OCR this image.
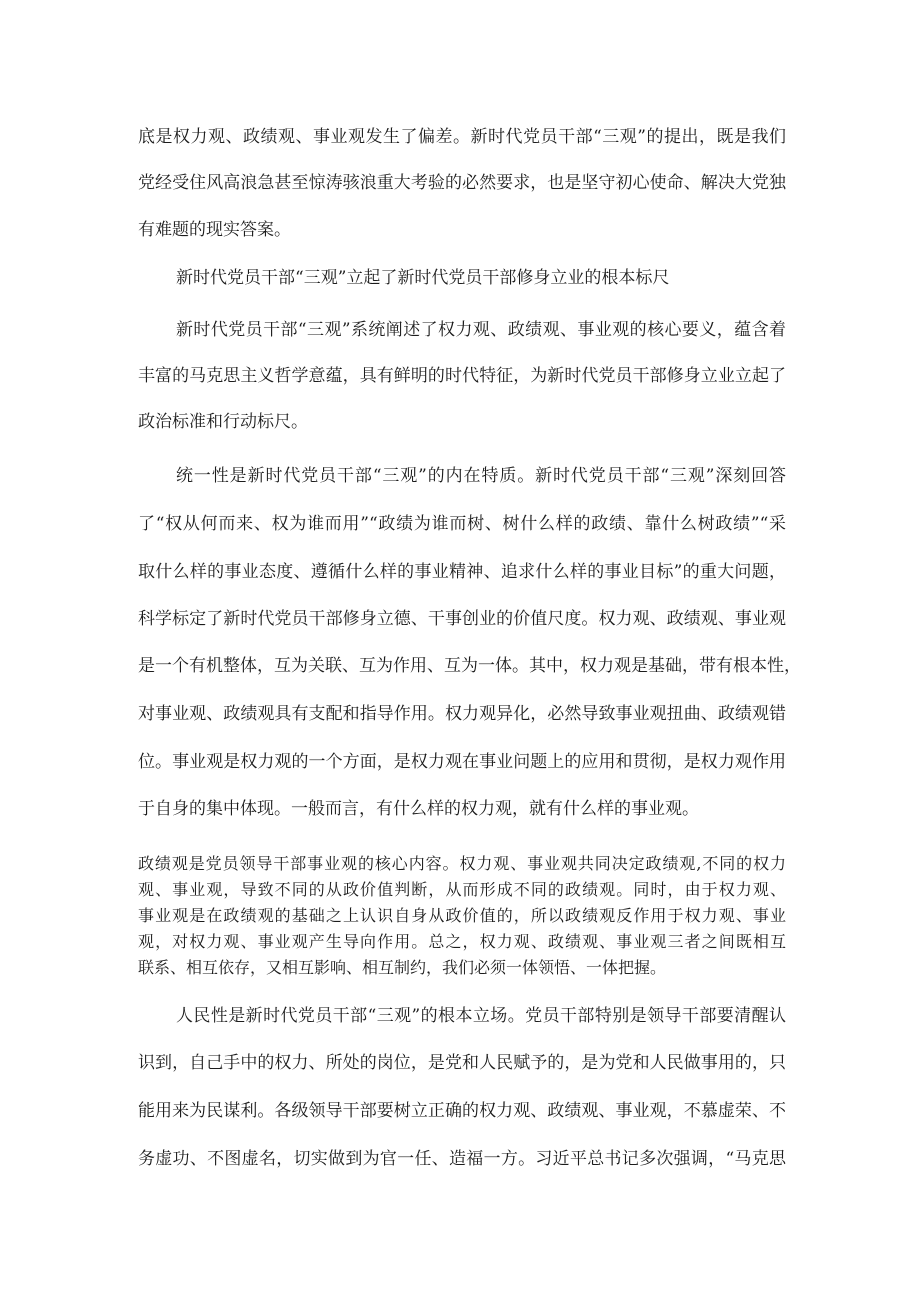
底是权力观、政绩观、事业观发生了偏差。新时代党员干部“三观”的提出，既是我们
党经受住风高浪急甚至惊涛骇浪重大考验的必然要求，也是坚守初心使命、解决大党独
有难题的现实答案。
新时代党员干部“三观”立起了新时代党员干部修身立业的根本标尺
新时代党员干部“三观”系统阐述了权力观、政绩观、事业观的核心要义，蕴含着
丰富的马克思主义哲学意蕴，具有鲜明的时代特征，为新时代党员干部修身立业立起了
政治标准和行动标尺。
统一性是新时代党员干部“三观”的内在特质。新时代党员干部“三观”深刻回答
了“权从何而来、权为谁而用”“政绩为谁而树、树什么样的政绩、靠什么树政绩”“采
取什么样的事业态度、遵循什么样的事业精神、追求什么样的事业目标”的重大问题，
科学标定了新时代党员干部修身立德、干事创业的价值尺度。权力观、政绩观、事业观
是一个有机整体，互为关联、互为作用、互为一体。其中，权力观是基础，带有根本性，
对事业观、政绩观具有支配和指导作用。权力观异化，必然导致事业观扭曲、政绩观错
位。事业观是权力观的一个方面，是权力观在事业问题上的应用和贯彻，是权力观作用
于自身的集中体现。一般而言，有什么样的权力观，就有什么样的事业观。
政绩观是党员领导干部事业观的核心内容。权力观、事业观共同决定政绩观,不同的权力
观、事业观，导致不同的从政价值判断，从而形成不同的政绩观。同时，由于权力观、
事业观是在政绩观的基础之上认识自身从政价值的，所以政绩观反作用于权力观、事业
观，对权力观、事业观产生导向作用。总之，权力观、政绩观、事业观三者之间既相互
联系、相互依存，又相互影响、相互制约，我们必须一体领悟、一体把握。
人民性是新时代党员干部“三观”的根本立场。党员干部特别是领导干部要清醒认
识到，自己手中的权力、所处的岗位，是党和人民赋予的，是为党和人民做事用的，只
能用来为民谋利。各级领导干部要树立正确的权力观、政绩观、事业观，不慕虚荣、不
务虚功、不图虚名，切实做到为官一任、造福一方。习近平总书记多次强调，“马克思
